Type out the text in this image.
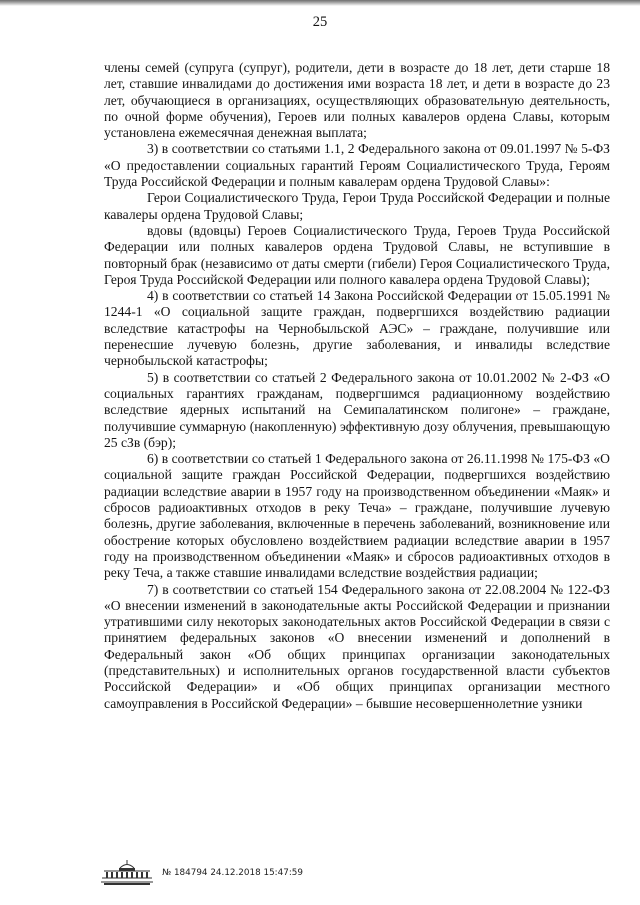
25

члены семей (супруга (супруг), родители, дети в возрасте до 18 лет, дети старше 18 лет, ставшие инвалидами до достижения ими возраста 18 лет, и дети в возрасте до 23 лет, обучающиеся в организациях, осуществляющих образовательную деятельность, по очной форме обучения), Героев или полных кавалеров ордена Славы, которым установлена ежемесячная денежная выплата;

3) в соответствии со статьями 1.1, 2 Федерального закона от 09.01.1997 № 5-ФЗ «О предоставлении социальных гарантий Героям Социалистического Труда, Героям Труда Российской Федерации и полным кавалерам ордена Трудовой Славы»:

Герои Социалистического Труда, Герои Труда Российской Федерации и полные кавалеры ордена Трудовой Славы;

вдовы (вдовцы) Героев Социалистического Труда, Героев Труда Российской Федерации или полных кавалеров ордена Трудовой Славы, не вступившие в повторный брак (независимо от даты смерти (гибели) Героя Социалистического Труда, Героя Труда Российской Федерации или полного кавалера ордена Трудовой Славы);

4) в соответствии со статьей 14 Закона Российской Федерации от 15.05.1991 № 1244-1 «О социальной защите граждан, подвергшихся воздействию радиации вследствие катастрофы на Чернобыльской АЭС» – граждане, получившие или перенесшие лучевую болезнь, другие заболевания, и инвалиды вследствие чернобыльской катастрофы;

5) в соответствии со статьей 2 Федерального закона от 10.01.2002 № 2-ФЗ «О социальных гарантиях гражданам, подвергшимся радиационному воздействию вследствие ядерных испытаний на Семипалатинском полигоне» – граждане, получившие суммарную (накопленную) эффективную дозу облучения, превышающую 25 сЗв (бэр);

6) в соответствии со статьей 1 Федерального закона от 26.11.1998 № 175-ФЗ «О социальной защите граждан Российской Федерации, подвергшихся воздействию радиации вследствие аварии в 1957 году на производственном объединении «Маяк» и сбросов радиоактивных отходов в реку Теча» – граждане, получившие лучевую болезнь, другие заболевания, включенные в перечень заболеваний, возникновение или обострение которых обусловлено воздействием радиации вследствие аварии в 1957 году на производственном объединении «Маяк» и сбросов радиоактивных отходов в реку Теча, а также ставшие инвалидами вследствие воздействия радиации;

7) в соответствии со статьей 154 Федерального закона от 22.08.2004 № 122-ФЗ «О внесении изменений в законодательные акты Российской Федерации и признании утратившими силу некоторых законодательных актов Российской Федерации в связи с принятием федеральных законов «О внесении изменений и дополнений в Федеральный закон «Об общих принципах организации законодательных (представительных) и исполнительных органов государственной власти субъектов Российской Федерации» и «Об общих принципах организации местного самоуправления в Российской Федерации» – бывшие несовершеннолетние узники

№ 184794 24.12.2018 15:47:59
